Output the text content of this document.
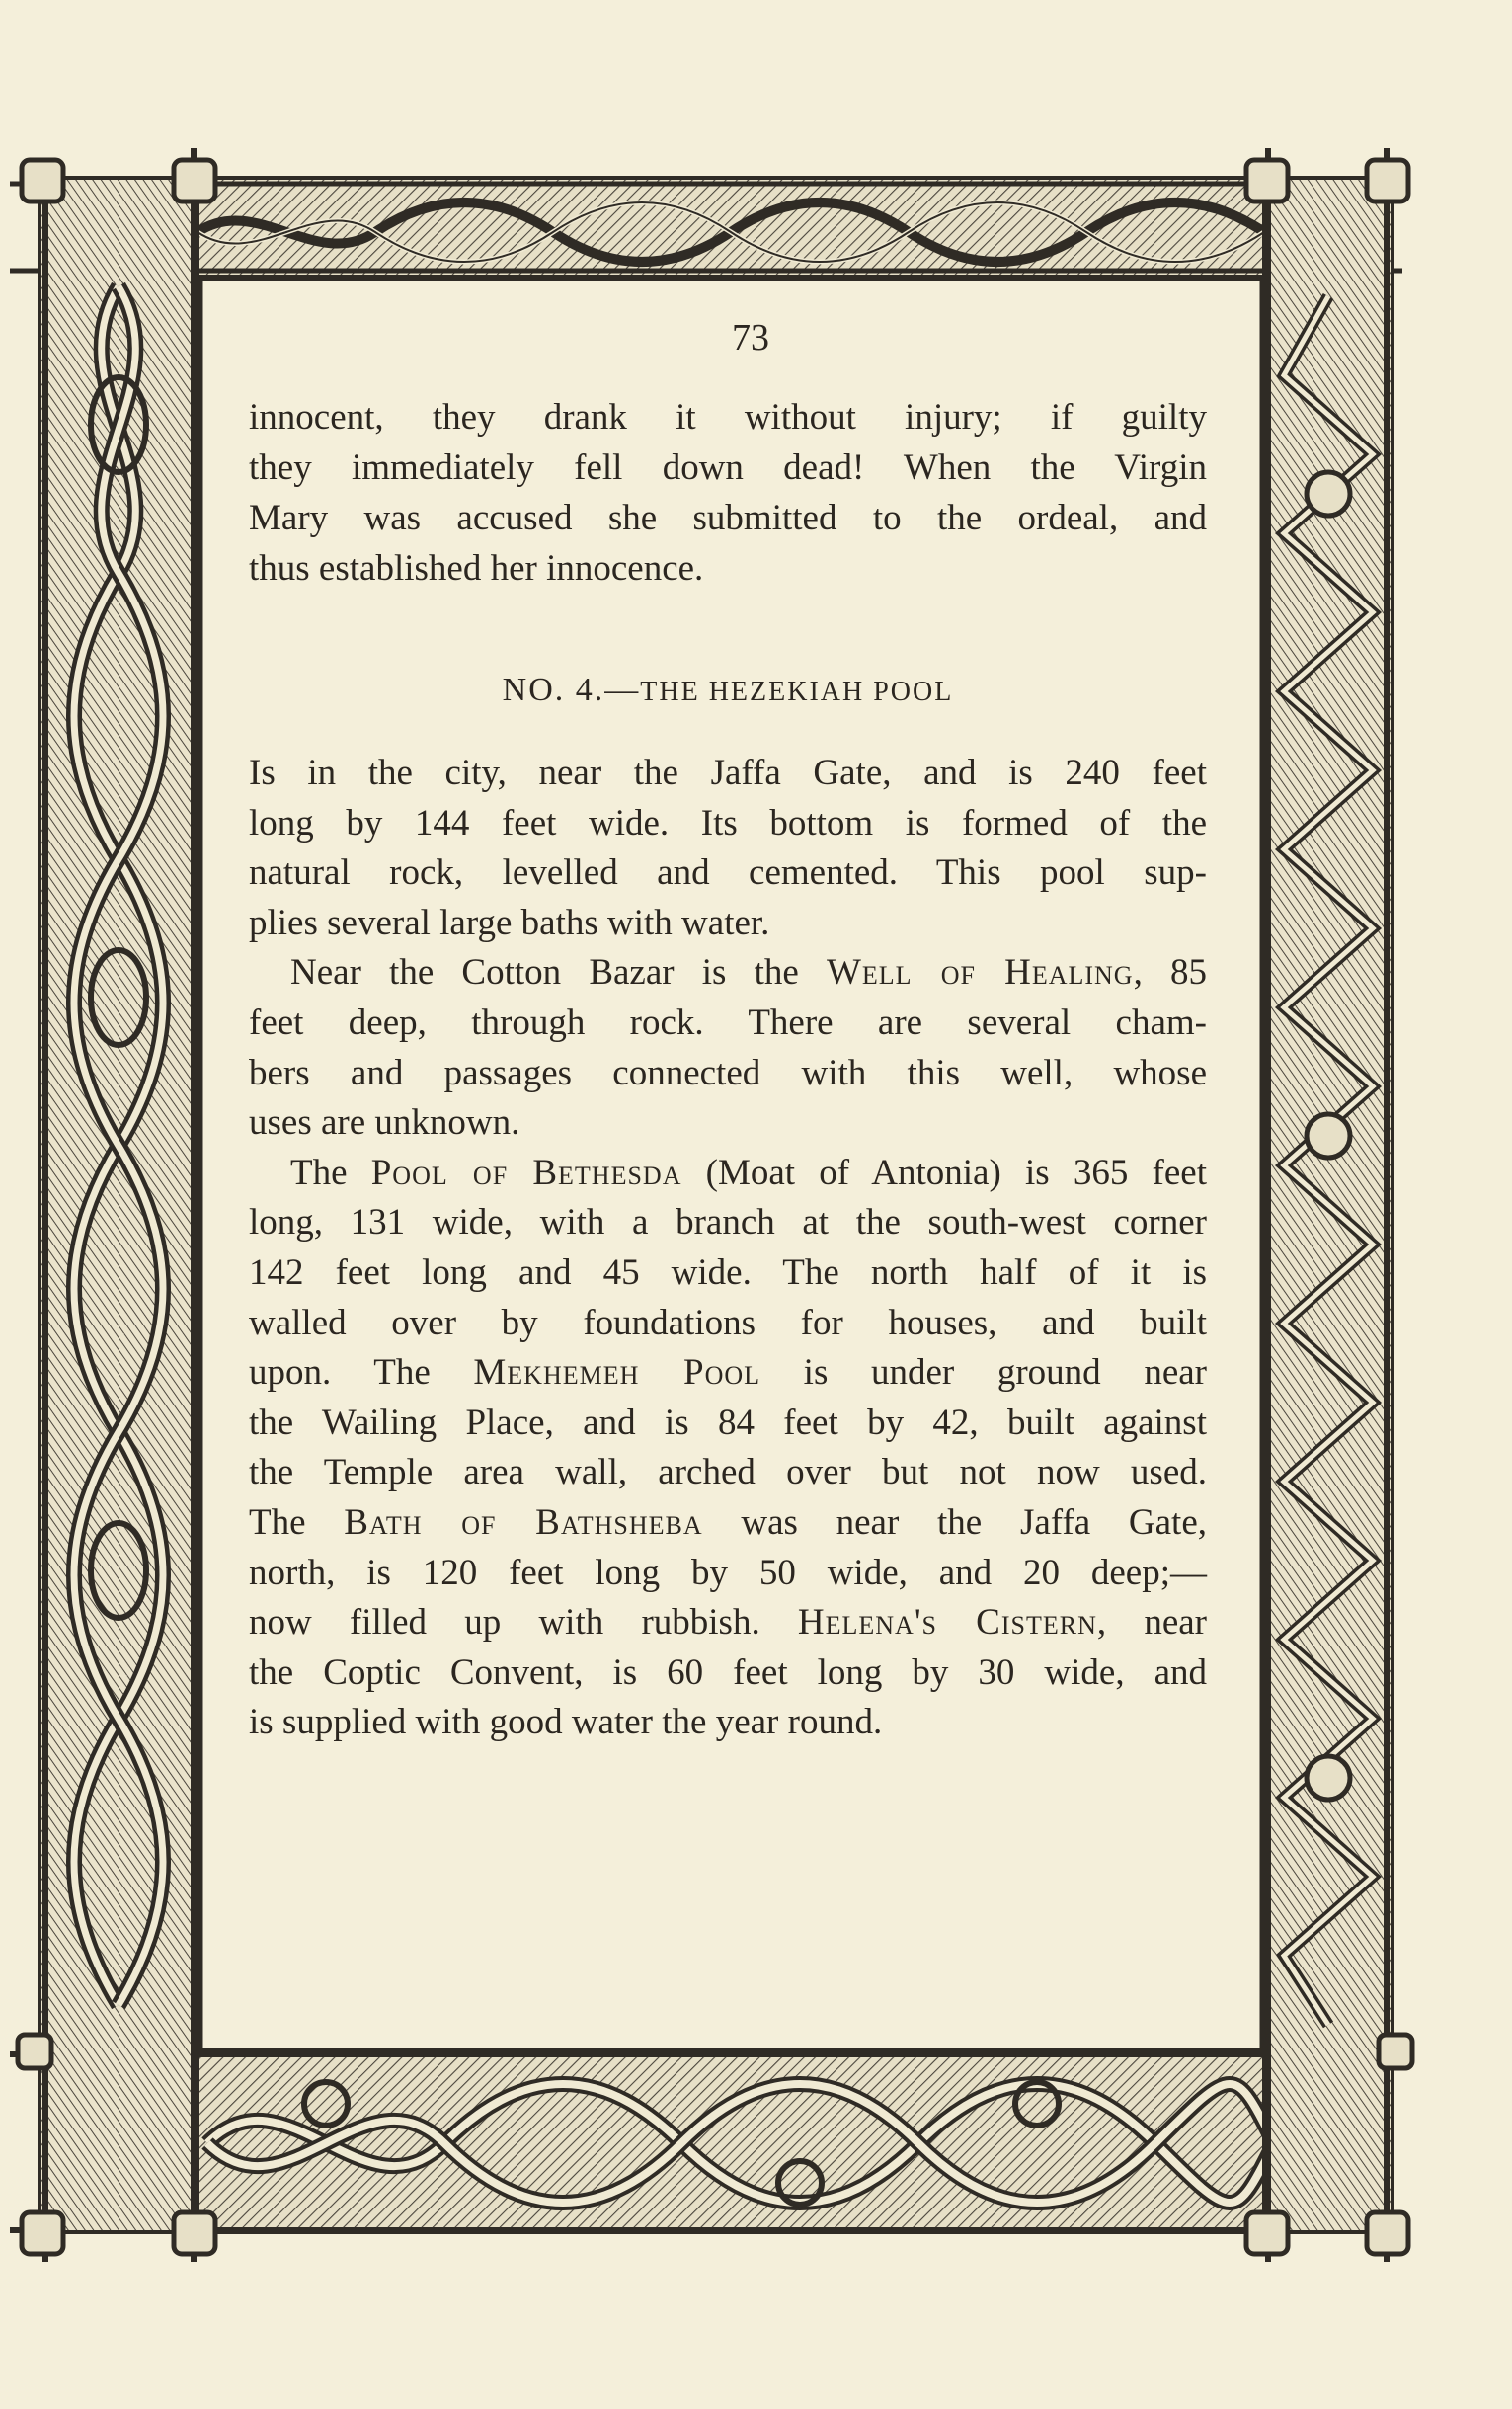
73
innocent, they drank it without injury; if guilty
they immediately fell down dead! When the Virgin
Mary was accused she submitted to the ordeal, and
thus established her innocence.
NO. 4.—THE HEZEKIAH POOL
Is in the city, near the Jaffa Gate, and is 240 feet
long by 144 feet wide. Its bottom is formed of the
natural rock, levelled and cemented. This pool sup-
plies several large baths with water.
Near the Cotton Bazar is the Well of Healing, 85
feet deep, through rock. There are several cham-
bers and passages connected with this well, whose
uses are unknown.
The Pool of Bethesda (Moat of Antonia) is 365 feet
long, 131 wide, with a branch at the south-west corner
142 feet long and 45 wide. The north half of it is
walled over by foundations for houses, and built
upon. The Mekhemeh Pool is under ground near
the Wailing Place, and is 84 feet by 42, built against
the Temple area wall, arched over but not now used.
The Bath of Bathsheba was near the Jaffa Gate,
north, is 120 feet long by 50 wide, and 20 deep;—
now filled up with rubbish. Helena's Cistern, near
the Coptic Convent, is 60 feet long by 30 wide, and
is supplied with good water the year round.
